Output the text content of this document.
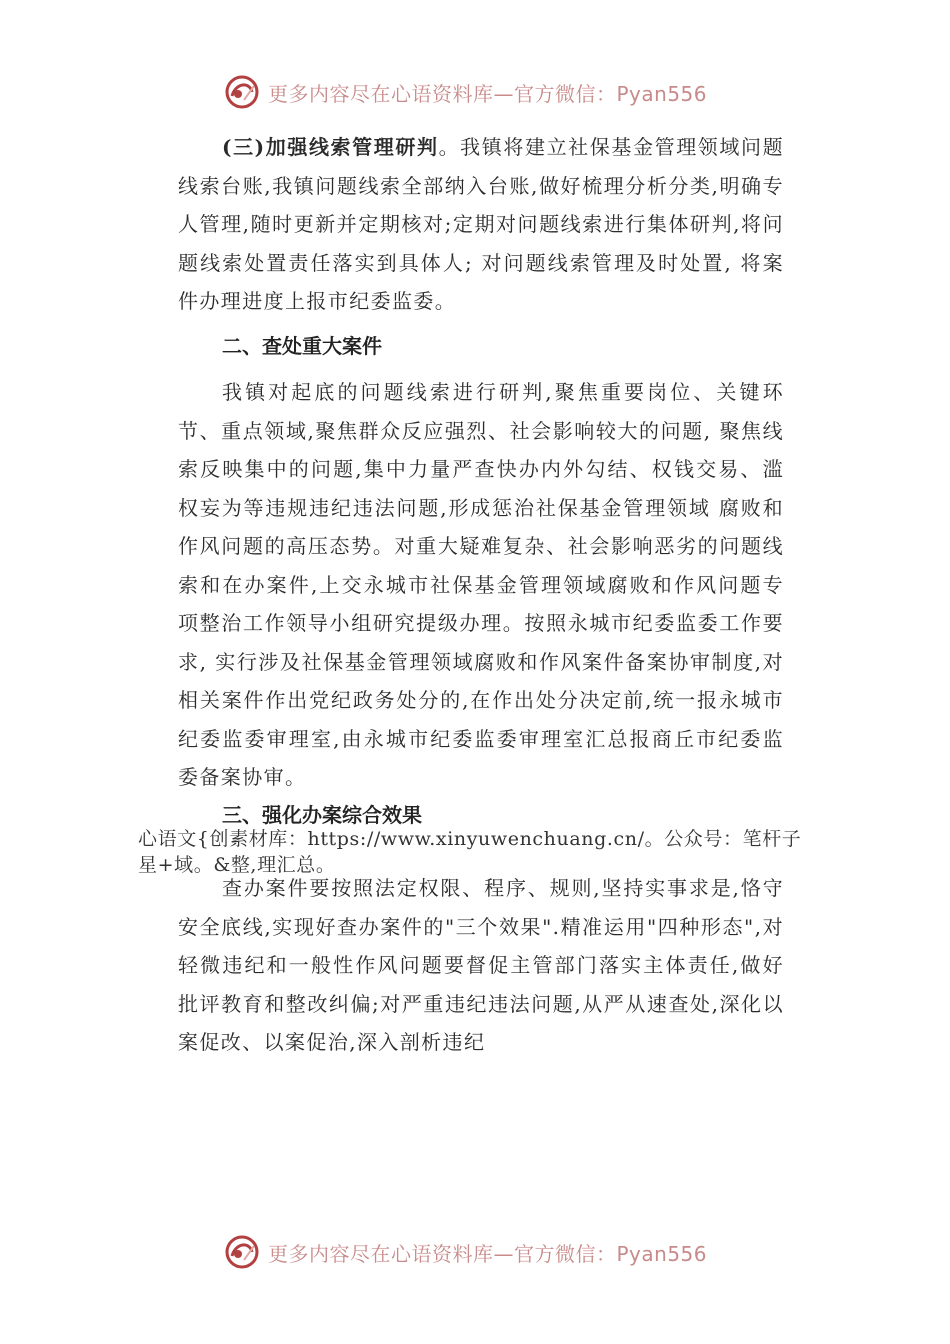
更多内容尽在心语资料库—官方微信：Pyan556

(三)加强线索管理研判。我镇将建立社保基金管理领域问题线索台账,我镇问题线索全部纳入台账,做好梳理分析分类,明确专人管理,随时更新并定期核对;定期对问题线索进行集体研判,将问题线索处置责任落实到具体人; 对问题线索管理及时处置, 将案件办理进度上报市纪委监委。

二、查处重大案件

我镇对起底的问题线索进行研判,聚焦重要岗位、关键环节、重点领域,聚焦群众反应强烈、社会影响较大的问题, 聚焦线索反映集中的问题,集中力量严查快办内外勾结、权钱交易、滥权妄为等违规违纪违法问题,形成惩治社保基金管理领域 腐败和作风问题的高压态势。对重大疑难复杂、社会影响恶劣的问题线索和在办案件,上交永城市社保基金管理领域腐败和作风问题专项整治工作领导小组研究提级办理。按照永城市纪委监委工作要求, 实行涉及社保基金管理领域腐败和作风案件备案协审制度,对相关案件作出党纪政务处分的,在作出处分决定前,统一报永城市纪委监委审理室,由永城市纪委监委审理室汇总报商丘市纪委监委备案协审。

三、强化办案综合效果

心语文{创素材库：https://www.xinyuwenchuang.cn/。公众号：笔杆子星+域。&整,理汇总。

查办案件要按照法定权限、程序、规则,坚持实事求是,恪守安全底线,实现好查办案件的"三个效果".精准运用"四种形态",对轻微违纪和一般性作风问题要督促主管部门落实主体责任,做好批评教育和整改纠偏;对严重违纪违法问题,从严从速查处,深化以案促改、以案促治,深入剖析违纪

更多内容尽在心语资料库—官方微信：Pyan556
